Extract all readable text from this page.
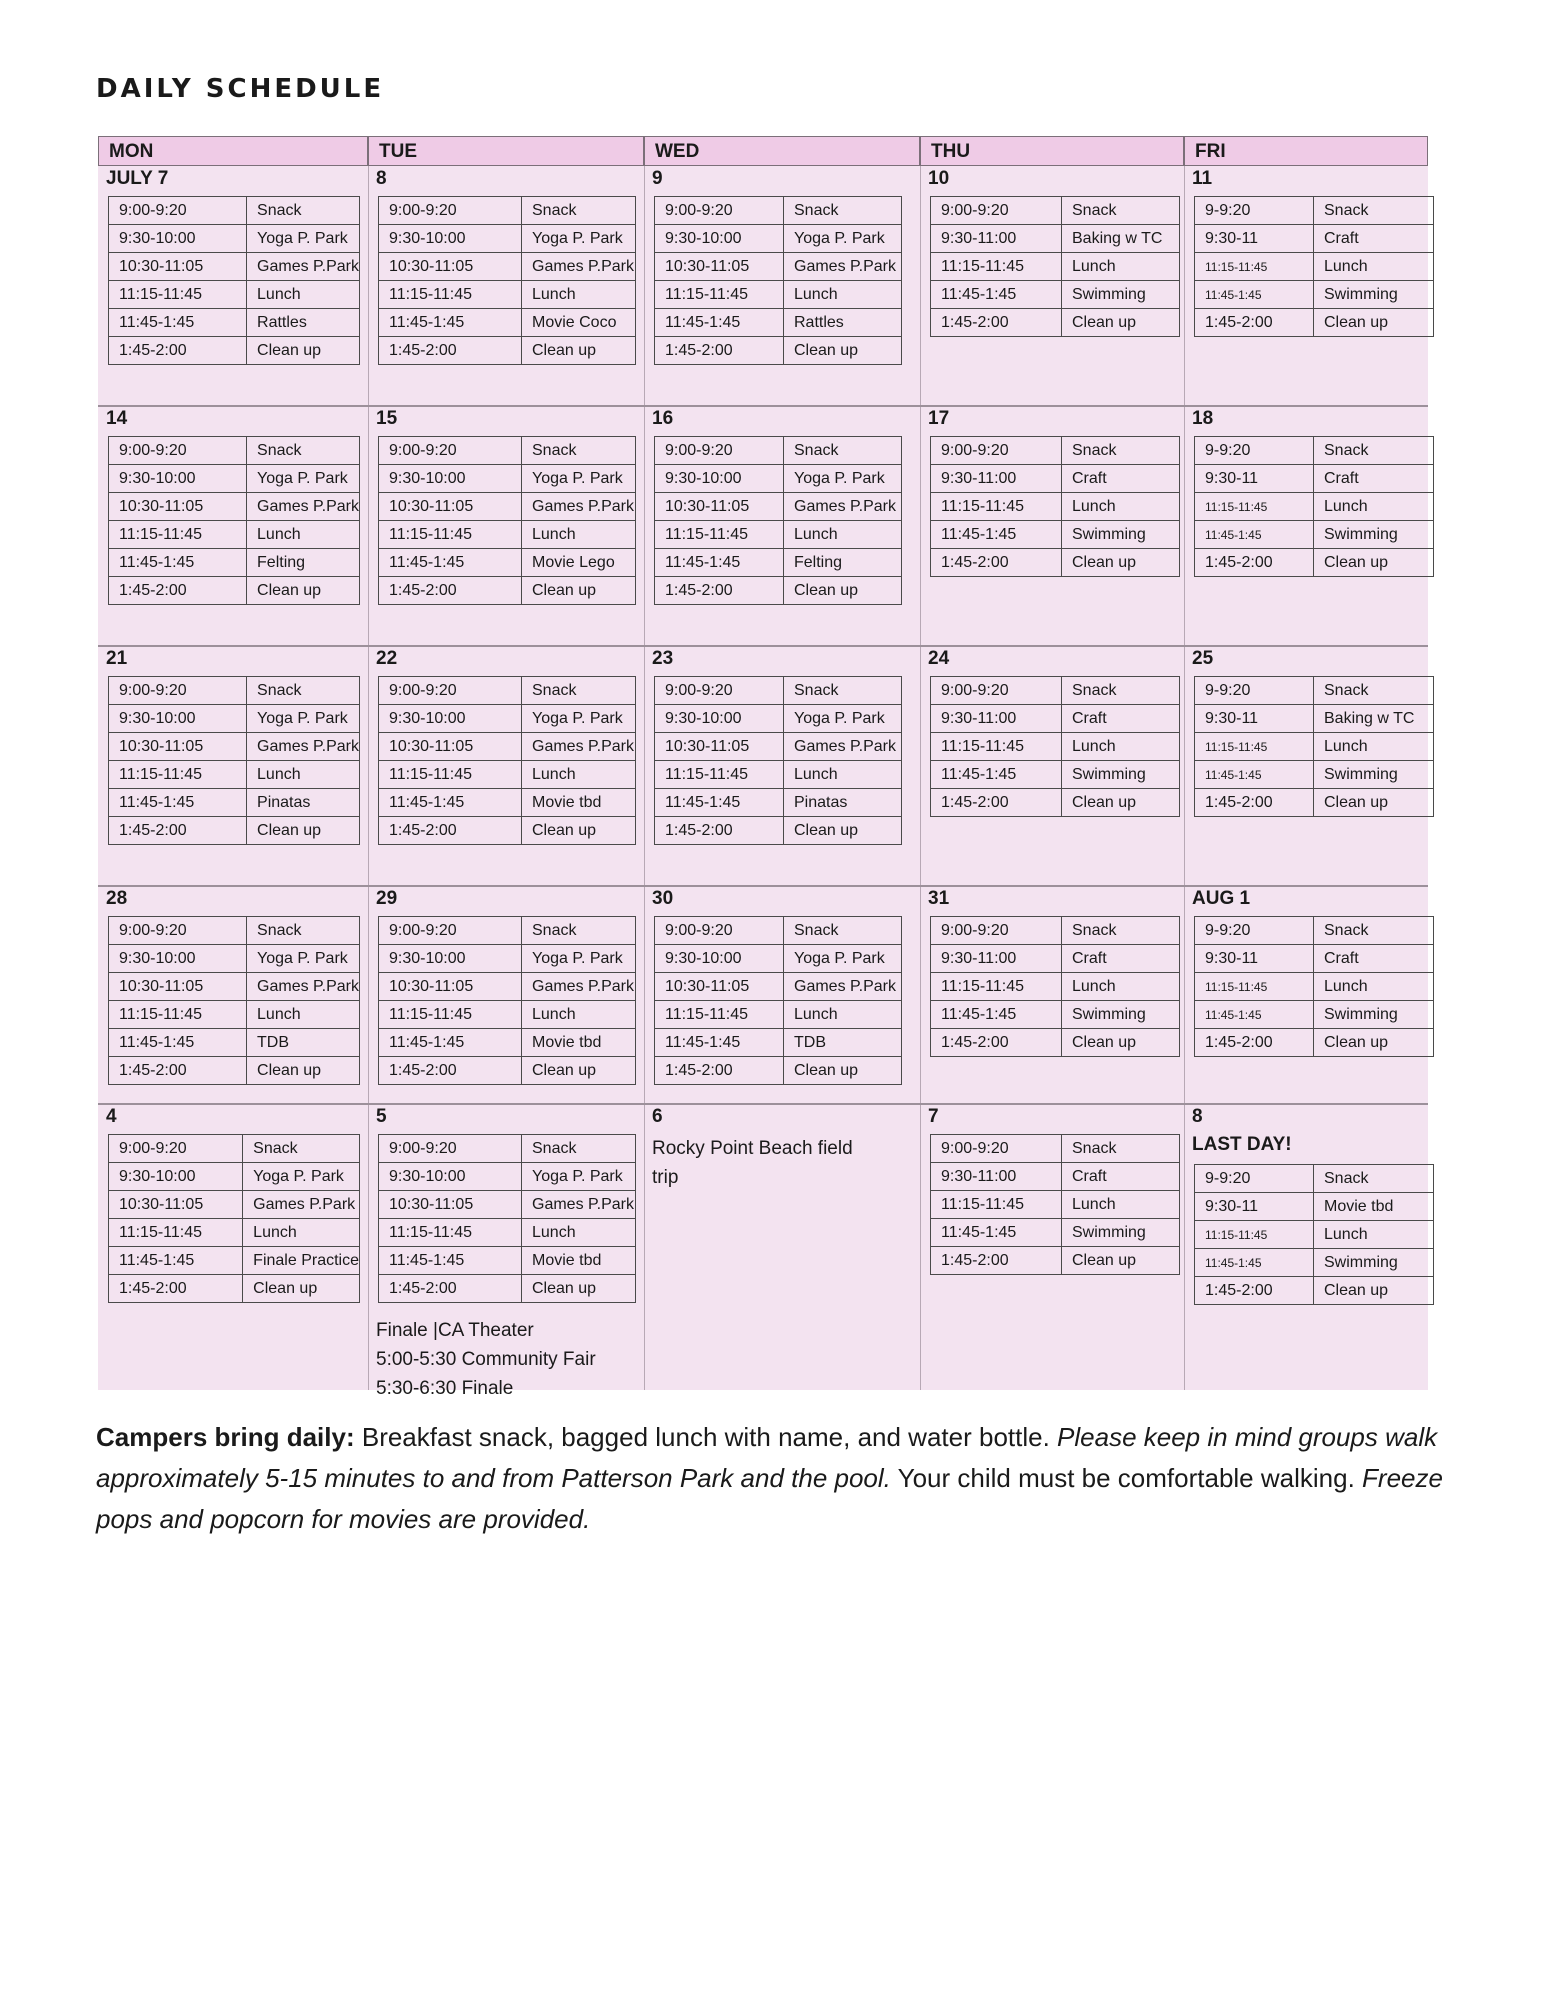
DAILY SCHEDULE
MON	TUE	WED	THU	FRI
JULY 7
9:00-9:20	Snack
9:30-10:00	Yoga P. Park
10:30-11:05	Games P.Park
11:15-11:45	Lunch
11:45-1:45	Rattles
1:45-2:00	Clean up
8
9:00-9:20	Snack
9:30-10:00	Yoga P. Park
10:30-11:05	Games P.Park
11:15-11:45	Lunch
11:45-1:45	Movie Coco
1:45-2:00	Clean up
9
9:00-9:20	Snack
9:30-10:00	Yoga P. Park
10:30-11:05	Games P.Park
11:15-11:45	Lunch
11:45-1:45	Rattles
1:45-2:00	Clean up
10
9:00-9:20	Snack
9:30-11:00	Baking w TC
11:15-11:45	Lunch
11:45-1:45	Swimming
1:45-2:00	Clean up
11
9-9:20	Snack
9:30-11	Craft
11:15-11:45	Lunch
11:45-1:45	Swimming
1:45-2:00	Clean up
14
9:00-9:20	Snack
9:30-10:00	Yoga P. Park
10:30-11:05	Games P.Park
11:15-11:45	Lunch
11:45-1:45	Felting
1:45-2:00	Clean up
15
9:00-9:20	Snack
9:30-10:00	Yoga P. Park
10:30-11:05	Games P.Park
11:15-11:45	Lunch
11:45-1:45	Movie Lego
1:45-2:00	Clean up
16
9:00-9:20	Snack
9:30-10:00	Yoga P. Park
10:30-11:05	Games P.Park
11:15-11:45	Lunch
11:45-1:45	Felting
1:45-2:00	Clean up
17
9:00-9:20	Snack
9:30-11:00	Craft
11:15-11:45	Lunch
11:45-1:45	Swimming
1:45-2:00	Clean up
18
9-9:20	Snack
9:30-11	Craft
11:15-11:45	Lunch
11:45-1:45	Swimming
1:45-2:00	Clean up
21
9:00-9:20	Snack
9:30-10:00	Yoga P. Park
10:30-11:05	Games P.Park
11:15-11:45	Lunch
11:45-1:45	Pinatas
1:45-2:00	Clean up
22
9:00-9:20	Snack
9:30-10:00	Yoga P. Park
10:30-11:05	Games P.Park
11:15-11:45	Lunch
11:45-1:45	Movie tbd
1:45-2:00	Clean up
23
9:00-9:20	Snack
9:30-10:00	Yoga P. Park
10:30-11:05	Games P.Park
11:15-11:45	Lunch
11:45-1:45	Pinatas
1:45-2:00	Clean up
24
9:00-9:20	Snack
9:30-11:00	Craft
11:15-11:45	Lunch
11:45-1:45	Swimming
1:45-2:00	Clean up
25
9-9:20	Snack
9:30-11	Baking w TC
11:15-11:45	Lunch
11:45-1:45	Swimming
1:45-2:00	Clean up
28
9:00-9:20	Snack
9:30-10:00	Yoga P. Park
10:30-11:05	Games P.Park
11:15-11:45	Lunch
11:45-1:45	TDB
1:45-2:00	Clean up
29
9:00-9:20	Snack
9:30-10:00	Yoga P. Park
10:30-11:05	Games P.Park
11:15-11:45	Lunch
11:45-1:45	Movie tbd
1:45-2:00	Clean up
30
9:00-9:20	Snack
9:30-10:00	Yoga P. Park
10:30-11:05	Games P.Park
11:15-11:45	Lunch
11:45-1:45	TDB
1:45-2:00	Clean up
31
9:00-9:20	Snack
9:30-11:00	Craft
11:15-11:45	Lunch
11:45-1:45	Swimming
1:45-2:00	Clean up
AUG 1
9-9:20	Snack
9:30-11	Craft
11:15-11:45	Lunch
11:45-1:45	Swimming
1:45-2:00	Clean up
4
9:00-9:20	Snack
9:30-10:00	Yoga P. Park
10:30-11:05	Games P.Park
11:15-11:45	Lunch
11:45-1:45	Finale Practice
1:45-2:00	Clean up
5
9:00-9:20	Snack
9:30-10:00	Yoga P. Park
10:30-11:05	Games P.Park
11:15-11:45	Lunch
11:45-1:45	Movie tbd
1:45-2:00	Clean up
Finale |CA Theater
5:00-5:30 Community Fair
5:30-6:30 Finale
6
Rocky Point Beach field
trip
7
9:00-9:20	Snack
9:30-11:00	Craft
11:15-11:45	Lunch
11:45-1:45	Swimming
1:45-2:00	Clean up
8
LAST DAY!
9-9:20	Snack
9:30-11	Movie tbd
11:15-11:45	Lunch
11:45-1:45	Swimming
1:45-2:00	Clean up

Campers bring daily: Breakfast snack, bagged lunch with name, and water bottle. Please keep in mind groups walk approximately 5-15 minutes to and from Patterson Park and the pool. Your child must be comfortable walking. Freeze pops and popcorn for movies are provided.
